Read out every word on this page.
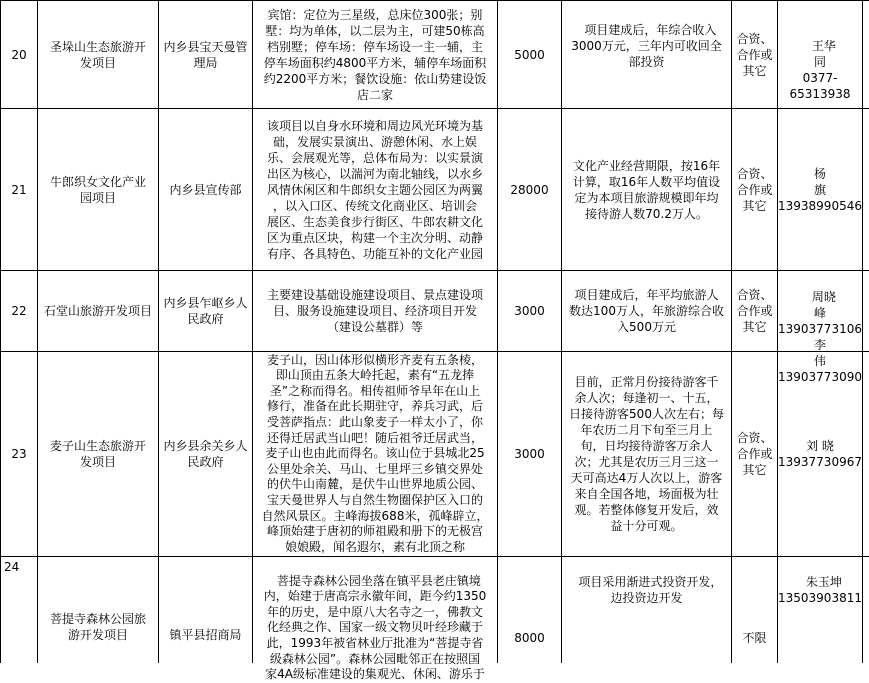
20
圣垛山生态旅游开
发项目
内乡县宝天曼管
理局
宾馆：定位为三星级，总床位300张；别
墅：均为单体，以二层为主，可建50栋高
档别墅；停车场：停车场设一主一辅，主
停车场面积约4800平方米，辅停车场面积
约2200平方米；餐饮设施：依山势建设饭
店二家
5000

项目建成后，年综合收入
3000万元，三年内可收回全
部投资

合资、
合作或
其它

王华
同
0377-
65313938

21
牛郎织女文化产业
园项目
内乡县宣传部
该项目以自身水环境和周边风光环境为基
础，发展实景演出、游憩休闲、水上娱
乐、会展观光等，总体布局为：以实景演
出区为核心，以湍河为南北轴线，以水乡
风情休闲区和牛郎织女主题公园区为两翼
，以入口区、传统文化商业区、培训会
展区、生态美食步行街区、牛郎农耕文化
区为重点区块，构建一个主次分明、动静
有序、各具特色、功能互补的文化产业园
28000
文化产业经营期限，按16年
计算，取16年人数平均值设
定为本项目旅游规模即年均
接待游人数70.2万人。
合资、
合作或
其它
杨
旗
13938990546
22 石堂山旅游开发项目
内乡县乍岖乡人
民政府
主要建设基础设施建设项目、景点建设项
目、服务设施建设项目、经济项目开发
（建设公墓群）等
3000
项目建成后，年平均旅游人
数达100万人，年旅游综合收
入500万元
合资、
合作或
其它

周晓
峰
13903773106
李
伟
13903773090

23
麦子山生态旅游开
发项目
内乡县余关乡人
民政府
麦子山，因山体形似横形齐麦有五条棱，
即山顶由五条大岭托起，素有“五龙捧
圣”之称而得名。相传祖师爷早年在山上
修行，准备在此长期驻守，养兵习武，后
受菩萨指点：此山象麦子一样太小了，你
还得迁居武当山吧！随后祖爷迁居武当，
麦子山也由此而得名。该山位于县城北25
公里处余关、马山、七里坪三乡镇交界处
的伏牛山南麓，是伏牛山世界地质公园、
宝天曼世界人与自然生物圈保护区入口的
自然风景区。主峰海拔688米，孤峰辟立，
峰顶始建于唐初的师祖殿和册下的无极宫
娘娘殿，闻名遐尔，素有北顶之称
3000
目前，正常月份接待游客千
余人次；每逢初一、十五，
日接待游客500人次左右；每
年农历二月下旬至三月上
旬，日均接待游客万余人
次；尤其是农历三月三这一
天可高达4万人次以上，游客
来自全国各地，场面极为壮
观。若整体修复开发后，效
益十分可观。
合资、
合作或
其它
刘 晓
13937730967
24
菩提寺森林公园旅
游开发项目	镇平县招商局

菩提寺森林公园坐落在镇平县老庄镇境
内，始建于唐高宗永徽年间，距今约1350
年的历史，是中原八大名寺之一，佛教文
化经典之作、国家一级文物贝叶经珍藏于
此，1993年被省林业厅批准为“菩提寺省
级森林公园”。森林公园毗邻正在按照国
家4A级标准建设的集观光、休闲、游乐于

8000

项目采用渐进式投资开发，
边投资边开发

不限

朱玉坤
13503903811
